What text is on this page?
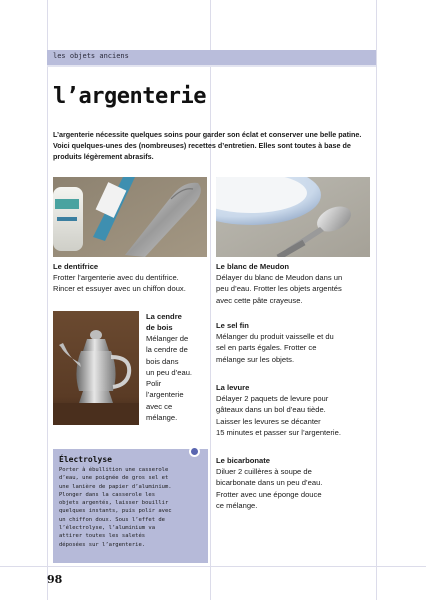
les objets anciens
l’argenterie
L’argenterie nécessite quelques soins pour garder son éclat et conserver une belle patine. Voici quelques-unes des (nombreuses) recettes d’entretien. Elles sont toutes à base de produits légèrement abrasifs.
Le dentifrice
Frotter l’argenterie avec du dentifrice.
Rincer et essuyer avec un chiffon doux.
La cendre
de bois
Mélanger de
la cendre de
bois dans
un peu d’eau.
Polir
l’argenterie
avec ce
mélange.
Électrolyse
Porter à ébullition une casserole
d’eau, une poignée de gros sel et
une lanière de papier d’aluminium.
Plonger dans la casserole les
objets argentés, laisser bouillir
quelques instants, puis polir avec
un chiffon doux. Sous l’effet de
l’électrolyse, l’aluminium va
attirer toutes les saletés
déposées sur l’argenterie.
Le blanc de Meudon
Délayer du blanc de Meudon dans un
peu d’eau. Frotter les objets argentés
avec cette pâte crayeuse.
Le sel fin
Mélanger du produit vaisselle et du
sel en parts égales. Frotter ce
mélange sur les objets.
La levure
Délayer 2 paquets de levure pour
gâteaux dans un bol d’eau tiède.
Laisser les levures se décanter
15 minutes et passer sur l’argenterie.
Le bicarbonate
Diluer 2 cuillères à soupe de
bicarbonate dans un peu d’eau.
Frotter avec une éponge douce
ce mélange.
98
